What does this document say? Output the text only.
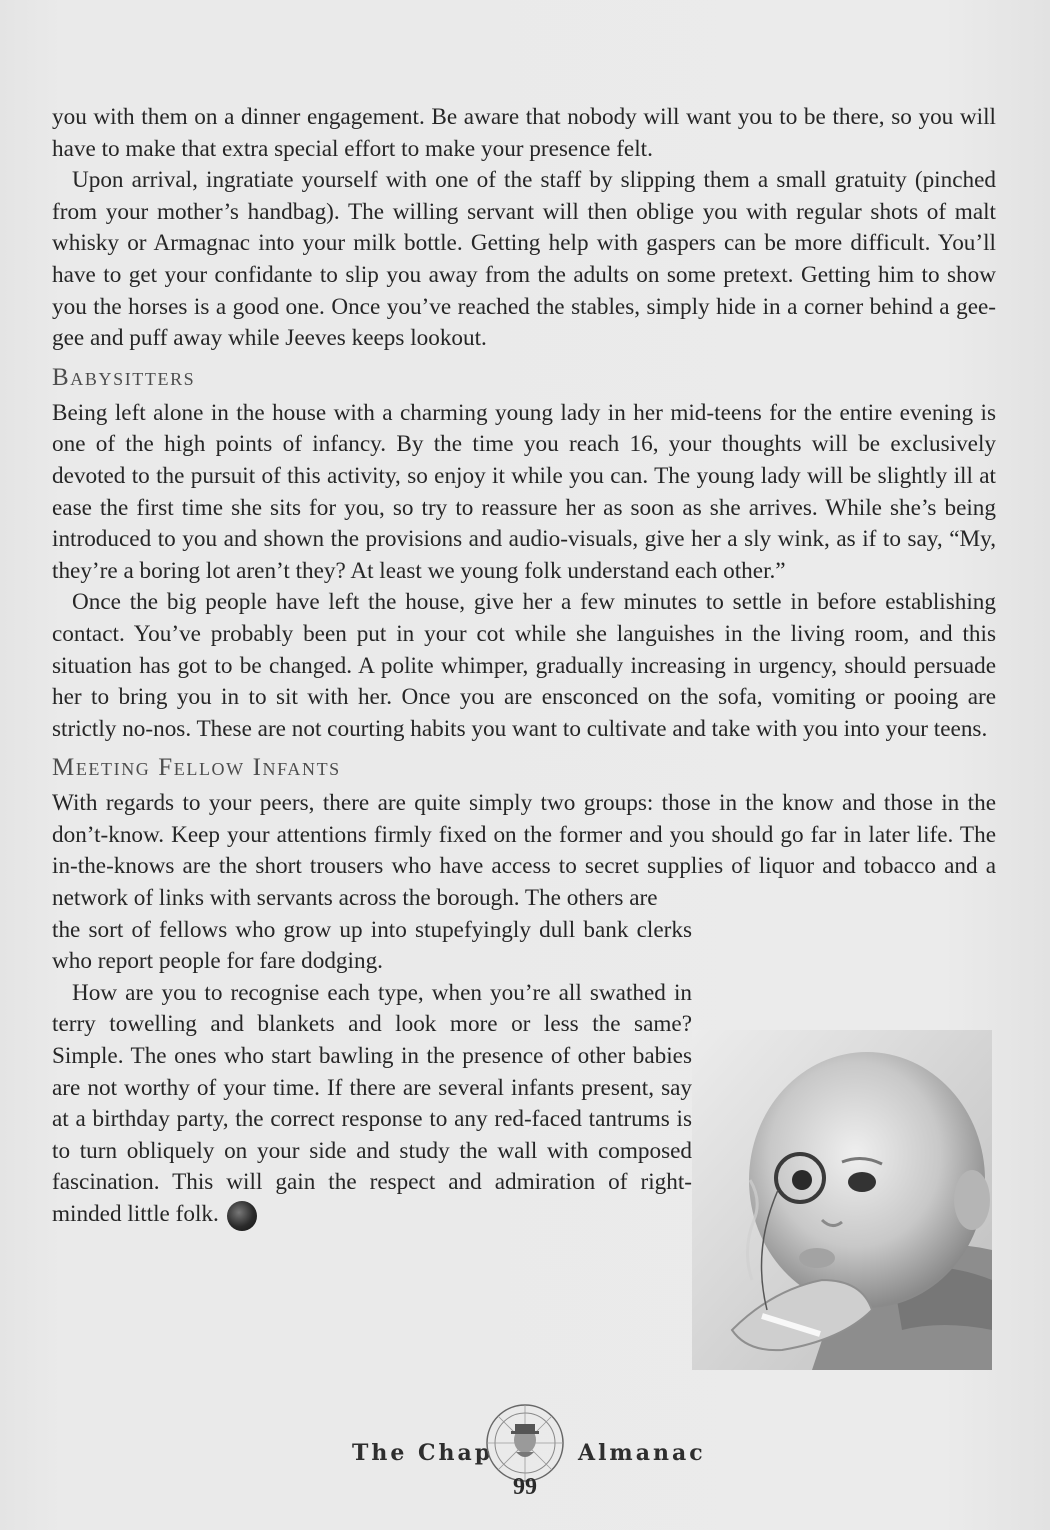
you with them on a dinner engagement. Be aware that nobody will want you to be there, so you will have to make that extra special effort to make your presence felt.

Upon arrival, ingratiate yourself with one of the staff by slipping them a small gratuity (pinched from your mother’s handbag). The willing servant will then oblige you with regular shots of malt whisky or Armagnac into your milk bottle. Getting help with gaspers can be more difficult. You’ll have to get your confidante to slip you away from the adults on some pretext. Getting him to show you the horses is a good one. Once you’ve reached the stables, simply hide in a corner behind a gee-gee and puff away while Jeeves keeps lookout.

Babysitters

Being left alone in the house with a charming young lady in her mid-teens for the entire evening is one of the high points of infancy. By the time you reach 16, your thoughts will be exclusively devoted to the pursuit of this activity, so enjoy it while you can. The young lady will be slightly ill at ease the first time she sits for you, so try to reassure her as soon as she arrives. While she’s being introduced to you and shown the provisions and audio-visuals, give her a sly wink, as if to say, “My, they’re a boring lot aren’t they? At least we young folk understand each other.”

Once the big people have left the house, give her a few minutes to settle in before establishing contact. You’ve probably been put in your cot while she languishes in the living room, and this situation has got to be changed. A polite whimper, gradually increasing in urgency, should persuade her to bring you in to sit with her. Once you are ensconced on the sofa, vomiting or pooing are strictly no-nos. These are not courting habits you want to cultivate and take with you into your teens.

Meeting Fellow Infants

With regards to your peers, there are quite simply two groups: those in the know and those in the don’t-know. Keep your attentions firmly fixed on the former and you should go far in later life. The in-the-knows are the short trousers who have access to secret supplies of liquor and tobacco and a network of links with servants across the borough. The others are

the sort of fellows who grow up into stupefyingly dull bank clerks who report people for fare dodging.

How are you to recognise each type, when you’re all swathed in terry towelling and blankets and look more or less the same? Simple. The ones who start bawling in the presence of other babies are not worthy of your time. If there are several infants present, say at a birthday party, the correct response to any red-faced tantrums is to turn obliquely on your side and study the wall with composed fascination. This will gain the respect and admiration of right-minded little folk.

The Chap	Almanac
99
